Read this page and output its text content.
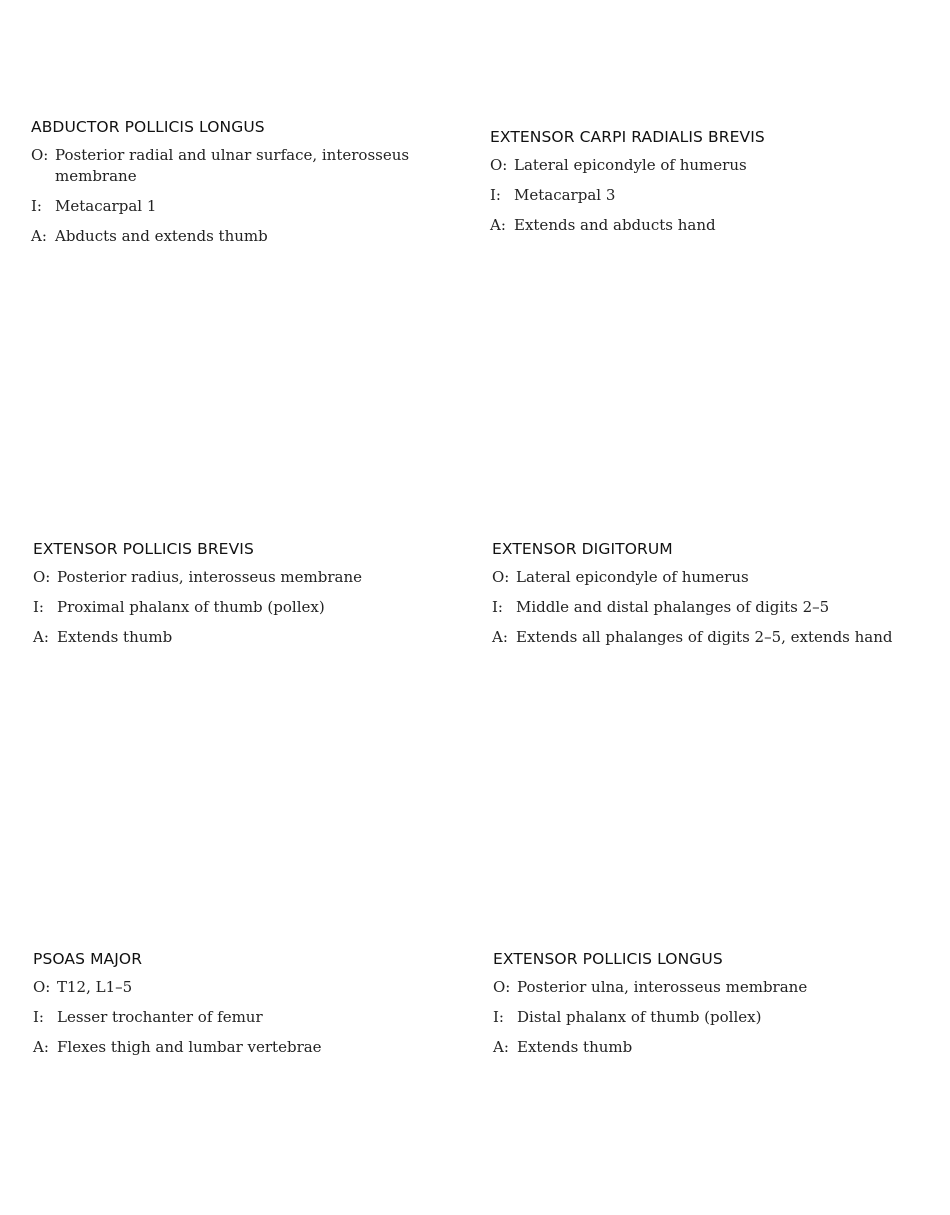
ABDUCTOR POLLICIS LONGUS
O: Posterior radial and ulnar surface, interosseus membrane
I: Metacarpal 1
A: Abducts and extends thumb
EXTENSOR CARPI RADIALIS BREVIS
O: Lateral epicondyle of humerus
I: Metacarpal 3
A: Extends and abducts hand
EXTENSOR POLLICIS BREVIS
O: Posterior radius, interosseus membrane
I: Proximal phalanx of thumb (pollex)
A: Extends thumb
EXTENSOR DIGITORUM
O: Lateral epicondyle of humerus
I: Middle and distal phalanges of digits 2–5
A: Extends all phalanges of digits 2–5, extends hand
PSOAS MAJOR
O: T12, L1–5
I: Lesser trochanter of femur
A: Flexes thigh and lumbar vertebrae
EXTENSOR POLLICIS LONGUS
O: Posterior ulna, interosseus membrane
I: Distal phalanx of thumb (pollex)
A: Extends thumb
